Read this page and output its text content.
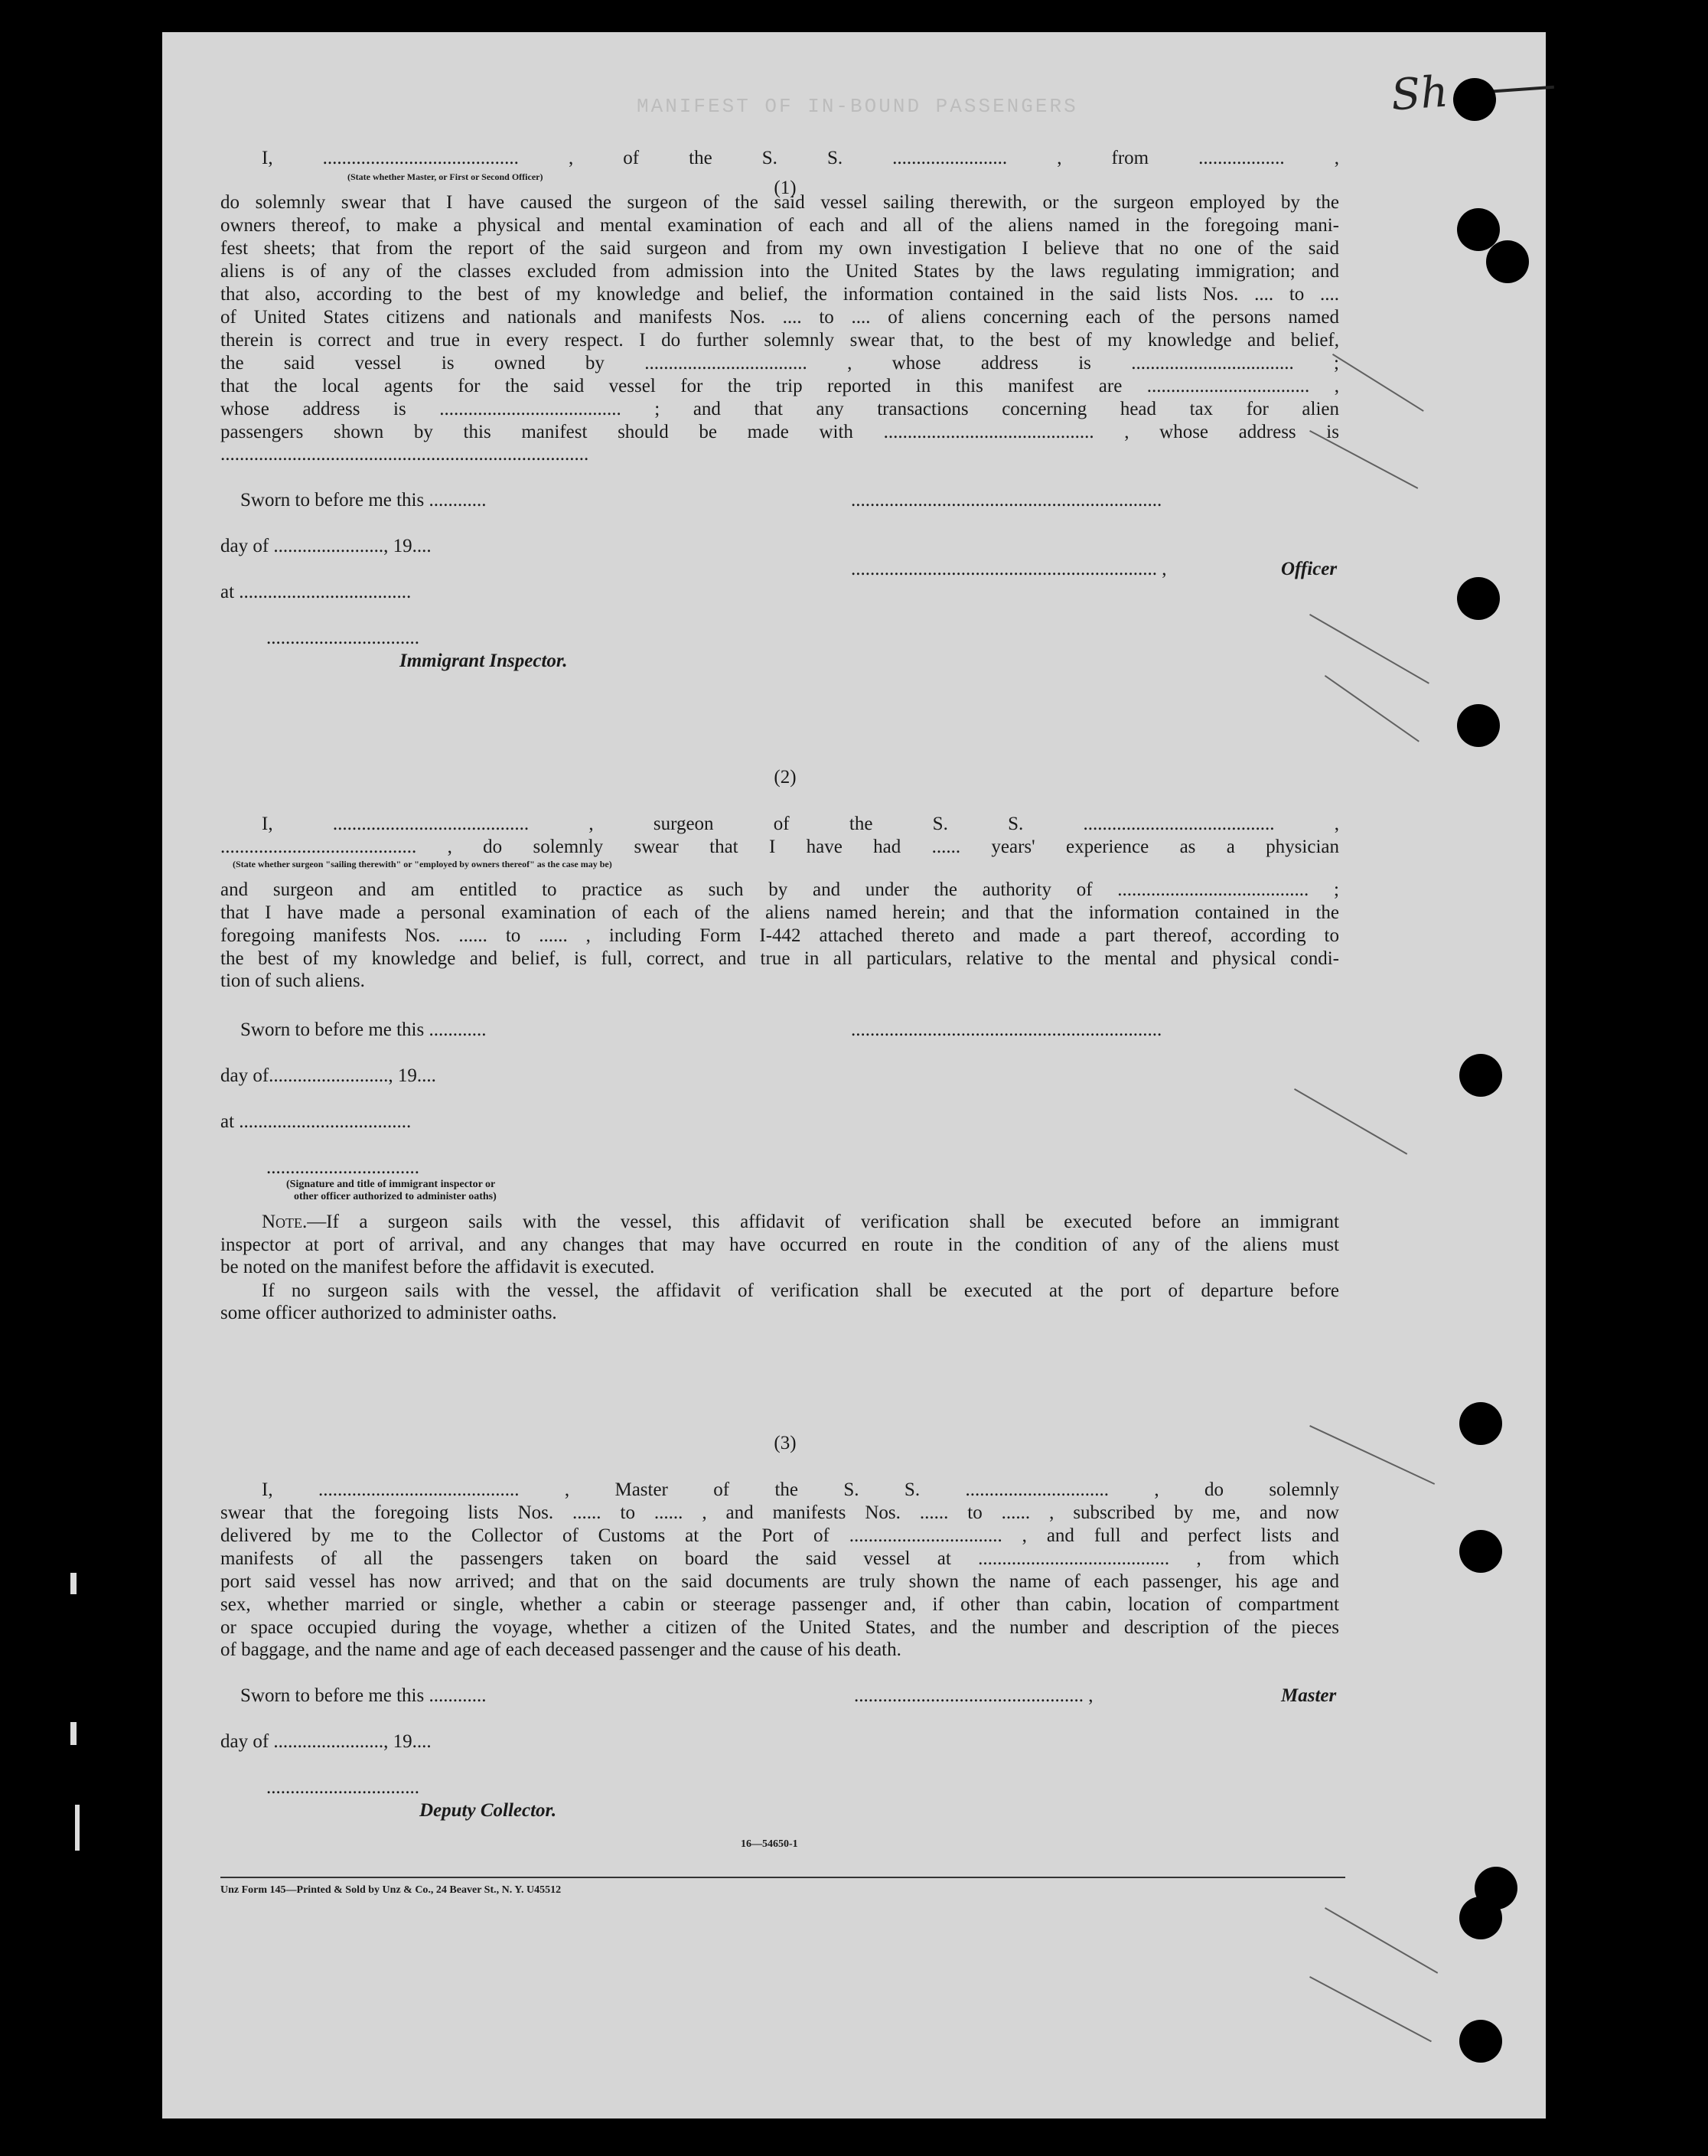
MANIFEST OF IN-BOUND PASSENGERS	Sh
(1)
I, ......................................... , of the S. S. ........................ , from .................. ,
(State whether Master, or First or Second Officer)
do solemnly swear that I have caused the surgeon of the said vessel sailing therewith, or the surgeon employed by the
owners thereof, to make a physical and mental examination of each and all of the aliens named in the foregoing mani-
fest sheets; that from the report of the said surgeon and from my own investigation I believe that no one of the said
aliens is of any of the classes excluded from admission into the United States by the laws regulating immigration; and
that also, according to the best of my knowledge and belief, the information contained in the said lists Nos. .... to ....
of United States citizens and nationals and manifests Nos. .... to .... of aliens concerning each of the persons named
therein is correct and true in every respect. I do further solemnly swear that, to the best of my knowledge and belief,
the said vessel is owned by .................................. , whose address is .................................. ;
that the local agents for the said vessel for the trip reported in this manifest are .................................. ,
whose address is ...................................... ; and that any transactions concerning head tax for alien
passengers shown by this manifest should be made with ............................................ , whose address is
.............................................................................
Sworn to before me this ............	.................................................................
day of ......................., 19....
................................................................ ,	Officer
at ....................................
................................
Immigrant Inspector.
(2)
I, ......................................... , surgeon of the S. S. ........................................ ,
......................................... , do solemnly swear that I have had ...... years' experience as a physician
(State whether surgeon "sailing therewith" or "employed by owners thereof" as the case may be)
and surgeon and am entitled to practice as such by and under the authority of ........................................ ;
that I have made a personal examination of each of the aliens named herein; and that the information contained in the
foregoing manifests Nos. ...... to ...... , including Form I-442 attached thereto and made a part thereof, according to
the best of my knowledge and belief, is full, correct, and true in all particulars, relative to the mental and physical condi-
tion of such aliens.
Sworn to before me this ............	.................................................................
day of........................., 19....
at ....................................
................................
(Signature and title of immigrant inspector or
other officer authorized to administer oaths)
Note.—If a surgeon sails with the vessel, this affidavit of verification shall be executed before an immigrant
inspector at port of arrival, and any changes that may have occurred en route in the condition of any of the aliens must
be noted on the manifest before the affidavit is executed.
If no surgeon sails with the vessel, the affidavit of verification shall be executed at the port of departure before
some officer authorized to administer oaths.
(3)
I, .......................................... , Master of the S. S. .............................. , do solemnly
swear that the foregoing lists Nos. ...... to ...... , and manifests Nos. ...... to ...... , subscribed by me, and now
delivered by me to the Collector of Customs at the Port of ................................ , and full and perfect lists and
manifests of all the passengers taken on board the said vessel at ........................................ , from which
port said vessel has now arrived; and that on the said documents are truly shown the name of each passenger, his age and
sex, whether married or single, whether a cabin or steerage passenger and, if other than cabin, location of compartment
or space occupied during the voyage, whether a citizen of the United States, and the number and description of the pieces
of baggage, and the name and age of each deceased passenger and the cause of his death.
Sworn to before me this ............	................................................ ,	Master
day of ......................., 19....
................................
Deputy Collector.
16—54650-1
Unz Form 145—Printed & Sold by Unz & Co., 24 Beaver St., N. Y. U45512
